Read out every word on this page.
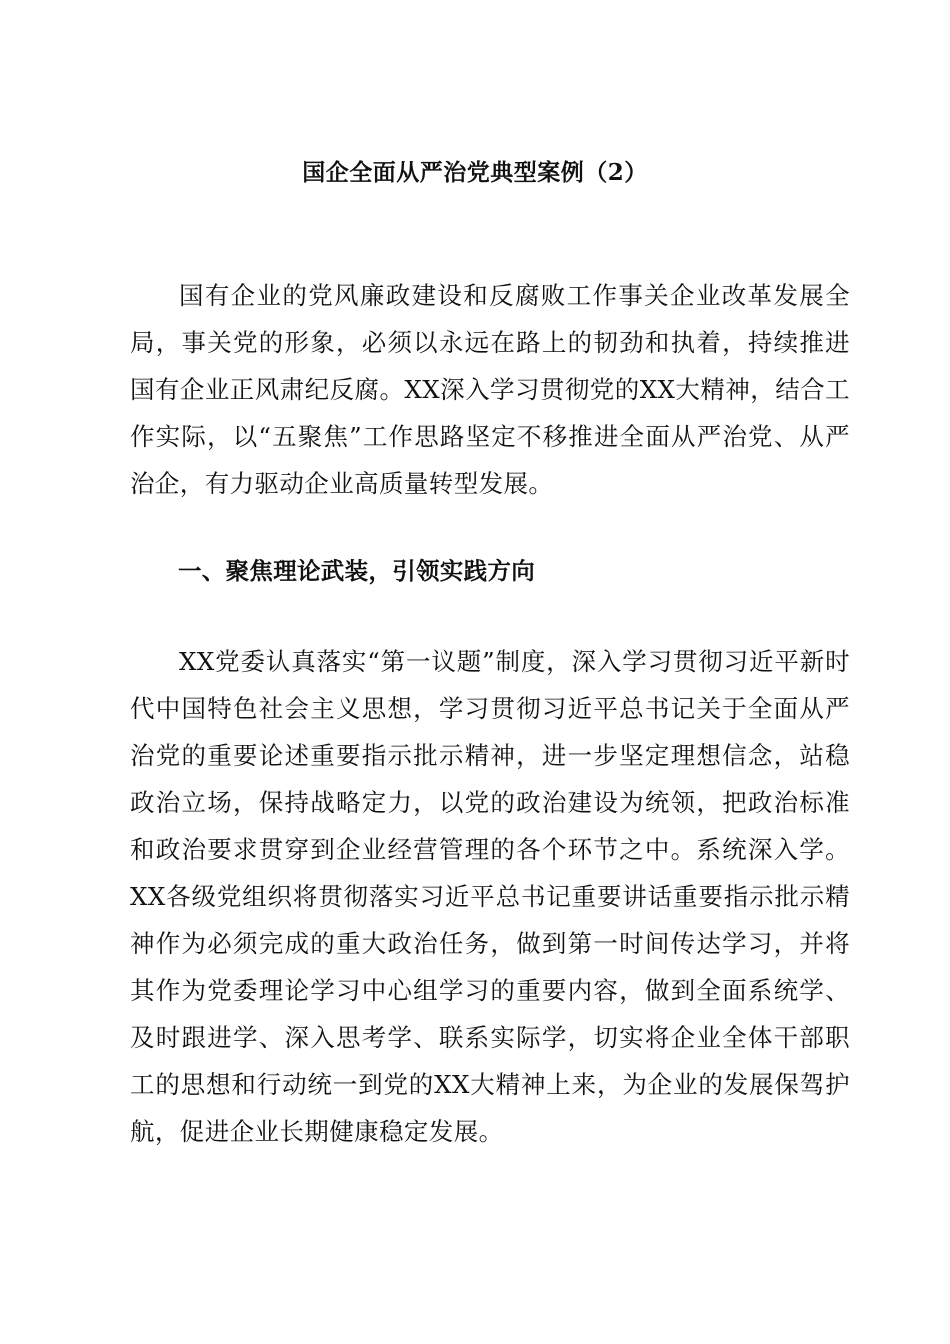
国企全面从严治党典型案例（2）

国有企业的党风廉政建设和反腐败工作事关企业改革发展全局，事关党的形象，必须以永远在路上的韧劲和执着，持续推进国有企业正风肃纪反腐。XX深入学习贯彻党的XX大精神，结合工作实际，以“五聚焦”工作思路坚定不移推进全面从严治党、从严治企，有力驱动企业高质量转型发展。

一、聚焦理论武装，引领实践方向

XX党委认真落实“第一议题”制度，深入学习贯彻习近平新时代中国特色社会主义思想，学习贯彻习近平总书记关于全面从严治党的重要论述重要指示批示精神，进一步坚定理想信念，站稳政治立场，保持战略定力，以党的政治建设为统领，把政治标准和政治要求贯穿到企业经营管理的各个环节之中。系统深入学。XX各级党组织将贯彻落实习近平总书记重要讲话重要指示批示精神作为必须完成的重大政治任务，做到第一时间传达学习，并将其作为党委理论学习中心组学习的重要内容，做到全面系统学、及时跟进学、深入思考学、联系实际学，切实将企业全体干部职工的思想和行动统一到党的XX大精神上来，为企业的发展保驾护航，促进企业长期健康稳定发展。
